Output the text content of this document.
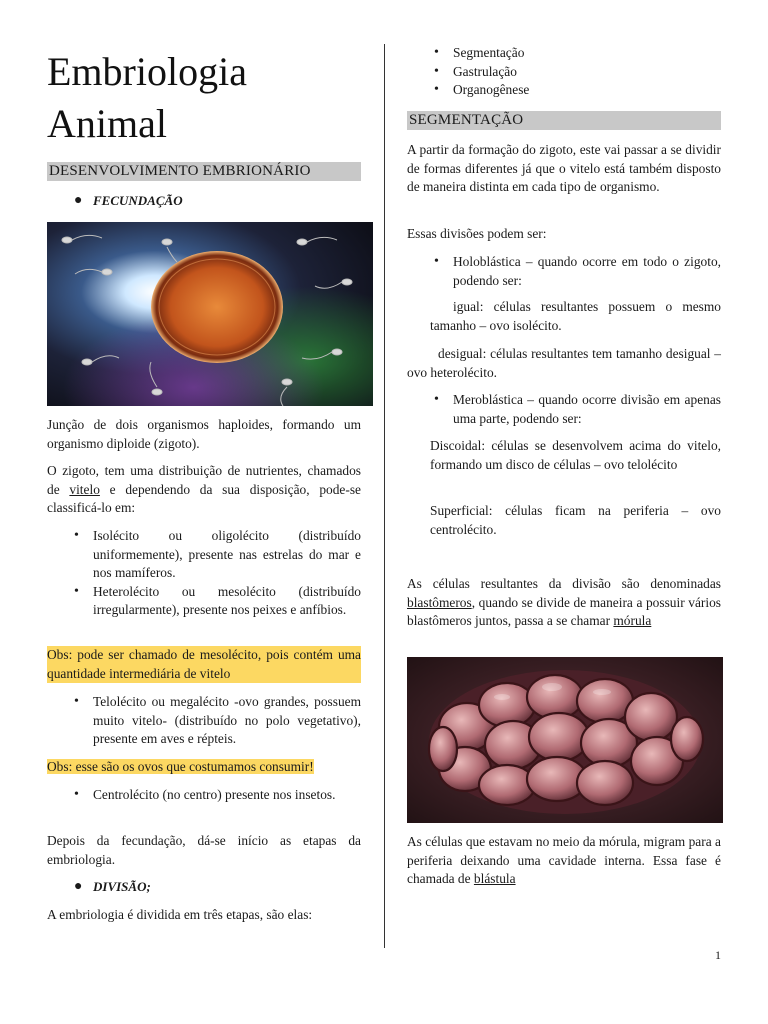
Embriologia
Animal
DESENVOLVIMENTO EMBRIONÁRIO
● FECUNDAÇÃO

Junção de dois organismos haploides, formando um organismo diploide (zigoto).

O zigoto, tem uma distribuição de nutrientes, chamados de vitelo e dependendo da sua disposição, pode-se classificá-lo em:

• Isolécito ou oligolécito (distribuído uniformemente), presente nas estrelas do mar e nos mamíferos.
• Heterolécito ou mesolécito (distribuído irregularmente), presente nos peixes e anfíbios.
Obs: pode ser chamado de mesolécito, pois contém uma quantidade intermediária de vitelo
• Telolécito ou megalécito -ovo grandes, possuem muito vitelo- (distribuído no polo vegetativo), presente em aves e répteis.
Obs: esse são os ovos que costumamos consumir!
• Centrolécito (no centro) presente nos insetos.

Depois da fecundação, dá-se início as etapas da embriologia.

● DIVISÃO;

A embriologia é dividida em três etapas, são elas:

• Segmentação
• Gastrulação
• Organogênese
SEGMENTAÇÃO

A partir da formação do zigoto, este vai passar a se dividir de formas diferentes já que o vitelo está também disposto de maneira distinta em cada tipo de organismo.

Essas divisões podem ser:

• Holoblástica – quando ocorre em todo o zigoto, podendo ser:

igual: células resultantes possuem o mesmo tamanho – ovo isolécito.

desigual: células resultantes tem tamanho desigual – ovo heterolécito.

• Meroblástica – quando ocorre divisão em apenas uma parte, podendo ser:

Discoidal: células se desenvolvem acima do vitelo, formando um disco de células – ovo telolécito

Superficial: células ficam na periferia – ovo centrolécito.

As células resultantes da divisão são denominadas blastômeros, quando se divide de maneira a possuir vários blastômeros juntos, passa a se chamar mórula

As células que estavam no meio da mórula, migram para a periferia deixando uma cavidade interna. Essa fase é chamada de blástula

1
